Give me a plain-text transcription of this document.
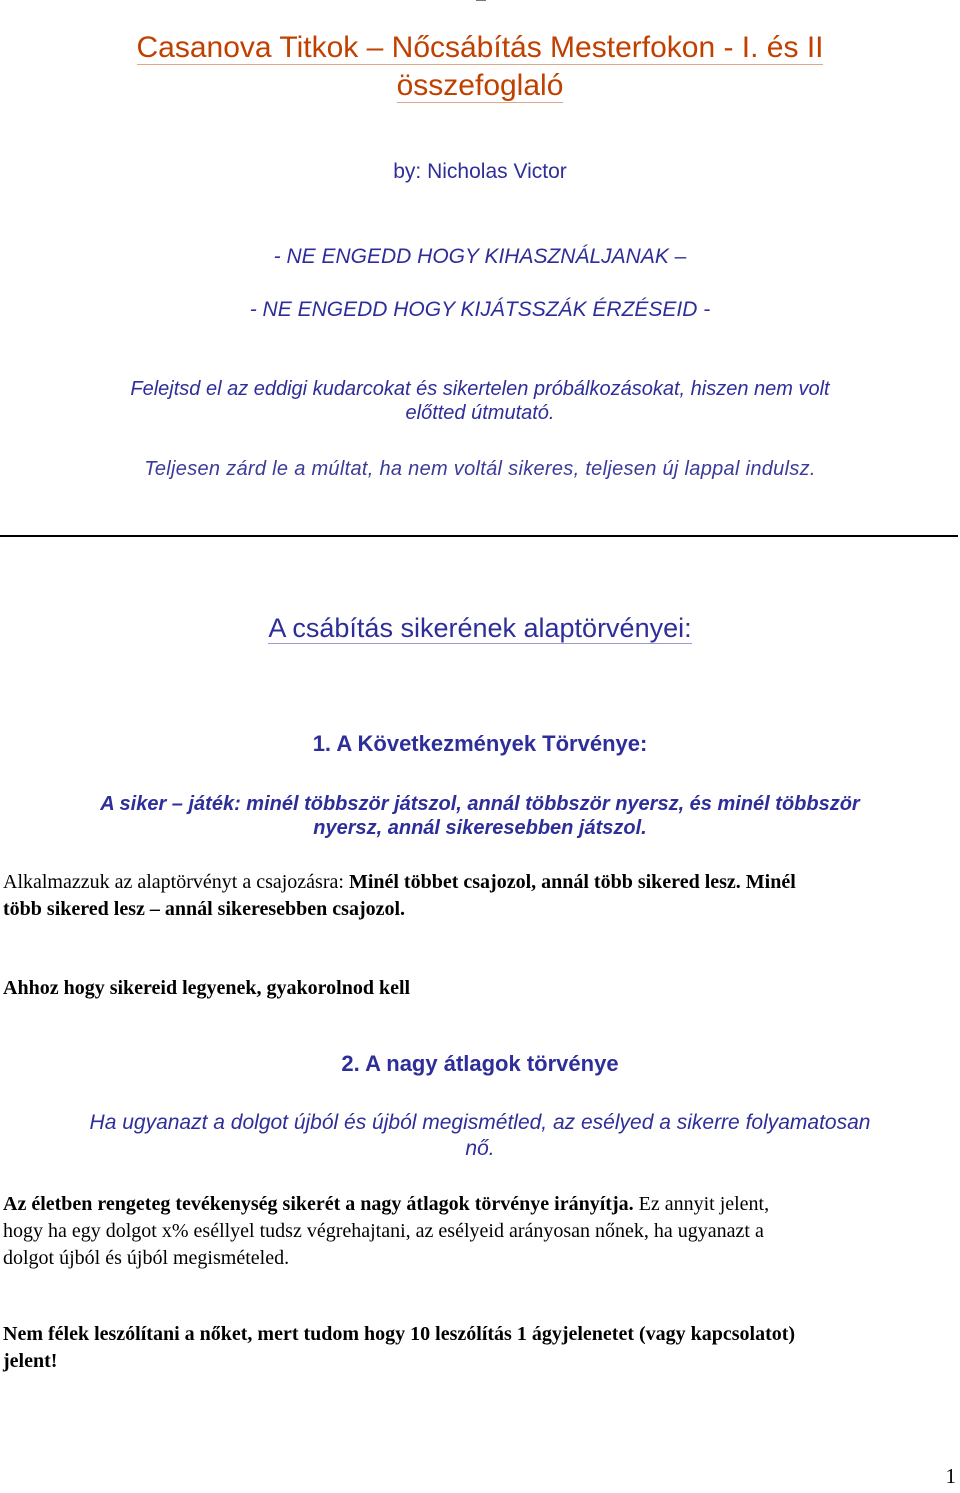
Casanova Titkok – Nőcsábítás Mesterfokon - I. és II
összefoglaló
by: Nicholas Victor
- NE ENGEDD HOGY KIHASZNÁLJANAK –
- NE ENGEDD HOGY KIJÁTSSZÁK ÉRZÉSEID -
Felejtsd el az eddigi kudarcokat és sikertelen próbálkozásokat, hiszen nem volt
előtted útmutató.
Teljesen zárd le a múltat, ha nem voltál sikeres, teljesen új lappal indulsz.
A csábítás sikerének alaptörvényei:
1. A Következmények Törvénye:
A siker – játék: minél többször játszol, annál többször nyersz, és minél többször
nyersz, annál sikeresebben játszol.
Alkalmazzuk az alaptörvényt a csajozásra: Minél többet csajozol, annál több sikered lesz. Minél
több sikered lesz – annál sikeresebben csajozol.
Ahhoz hogy sikereid legyenek, gyakorolnod kell
2. A nagy átlagok törvénye
Ha ugyanazt a dolgot újból és újból megismétled, az esélyed a sikerre folyamatosan
nő.
Az életben rengeteg tevékenység sikerét a nagy átlagok törvénye irányítja. Ez annyit jelent,
hogy ha egy dolgot x% eséllyel tudsz végrehajtani, az esélyeid arányosan nőnek, ha ugyanazt a
dolgot újból és újból megismételed.
Nem félek leszólítani a nőket, mert tudom hogy 10 leszólítás 1 ágyjelenetet (vagy kapcsolatot)
jelent!
1
